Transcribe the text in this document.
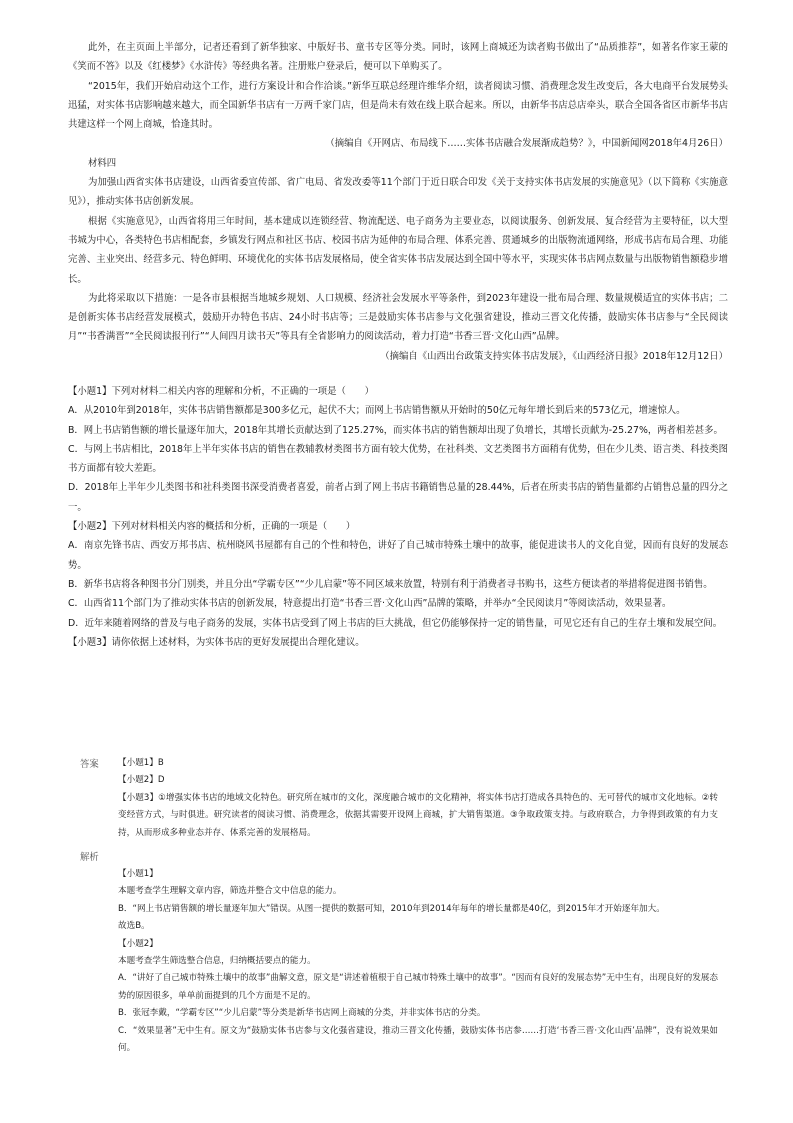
此外，在主页面上半部分，记者还看到了新华独家、中版好书、童书专区等分类。同时，该网上商城还为读者购书做出了“品质推荐”，如著名作家王蒙的《笑而不答》以及《红楼梦》《水浒传》等经典名著。注册账户登录后，便可以下单购买了。

“2015年，我们开始启动这个工作，进行方案设计和合作洽谈。”新华互联总经理许维华介绍，读者阅读习惯、消费理念发生改变后，各大电商平台发展势头迅猛，对实体书店影响越来越大，而全国新华书店有一万两千家门店，但是尚未有效在线上联合起来。所以，由新华书店总店牵头，联合全国各省区市新华书店共建这样一个网上商城，恰逢其时。

（摘编自《开网店、布局线下……实体书店融合发展渐成趋势？》，中国新闻网2018年4月26日）

材料四

为加强山西省实体书店建设，山西省委宣传部、省广电局、省发改委等11个部门于近日联合印发《关于支持实体书店发展的实施意见》（以下简称《实施意见》），推动实体书店创新发展。

根据《实施意见》，山西省将用三年时间，基本建成以连锁经营、物流配送、电子商务为主要业态，以阅读服务、创新发展、复合经营为主要特征，以大型书城为中心，各类特色书店相配套，乡镇发行网点和社区书店、校园书店为延伸的布局合理、体系完善、贯通城乡的出版物流通网络，形成书店布局合理、功能完善、主业突出、经营多元、特色鲜明、环境优化的实体书店发展格局，使全省实体书店发展达到全国中等水平，实现实体书店网点数量与出版物销售额稳步增长。

为此将采取以下措施：一是各市县根据当地城乡规划、人口规模、经济社会发展水平等条件，到2023年建设一批布局合理、数量规模适宜的实体书店；二是创新实体书店经营发展模式，鼓励开办特色书店、24小时书店等；三是鼓励实体书店参与文化强省建设，推动三晋文化传播，鼓励实体书店参与“全民阅读月”“书香满晋”“全民阅读报刊行”“人间四月读书天”等具有全省影响力的阅读活动，着力打造“书香三晋·文化山西”品牌。

（摘编自《山西出台政策支持实体书店发展》，《山西经济日报》2018年12月12日）

【小题1】下列对材料二相关内容的理解和分析，不正确的一项是（　　）

A．从2010年到2018年，实体书店销售额都是300多亿元，起伏不大；而网上书店销售额从开始时的50亿元每年增长到后来的573亿元，增速惊人。

B．网上书店销售额的增长量逐年加大，2018年其增长贡献达到了125.27%，而实体书店的销售额却出现了负增长，其增长贡献为-25.27%，两者相差甚多。

C．与网上书店相比，2018年上半年实体书店的销售在教辅教材类图书方面有较大优势，在社科类、文艺类图书方面稍有优势，但在少儿类、语言类、科技类图书方面都有较大差距。

D．2018年上半年少儿类图书和社科类图书深受消费者喜爱，前者占到了网上书店书籍销售总量的28.44%，后者在所卖书店的销售量都约占销售总量的四分之一。

【小题2】下列对材料相关内容的概括和分析，正确的一项是（　　）

A．南京先锋书店、西安万邦书店、杭州晓风书屋都有自己的个性和特色，讲好了自己城市特殊土壤中的故事，能促进读书人的文化自觉，因而有良好的发展态势。

B．新华书店将各种图书分门别类，并且分出“学霸专区”“少儿启蒙”等不同区域来放置，特别有利于消费者寻书购书，这些方便读者的举措将促进图书销售。

C．山西省11个部门为了推动实体书店的创新发展，特意提出打造“书香三晋·文化山西”品牌的策略，并举办“全民阅读月”等阅读活动，效果显著。

D．近年来随着网络的普及与电子商务的发展，实体书店受到了网上书店的巨大挑战，但它仍能够保持一定的销售量，可见它还有自己的生存土壤和发展空间。

【小题3】请你依据上述材料，为实体书店的更好发展提出合理化建议。

答案 【小题1】B

【小题2】D

【小题3】①增强实体书店的地域文化特色。研究所在城市的文化，深度融合城市的文化精神，将实体书店打造成各具特色的、无可替代的城市文化地标。②转变经营方式，与时俱进。研究读者的阅读习惯、消费理念，依据其需要开设网上商城，扩大销售渠道。③争取政策支持。与政府联合，力争得到政策的有力支持，从而形成多种业态并存、体系完善的发展格局。

解析

【小题1】

本题考查学生理解文章内容，筛选并整合文中信息的能力。

B．“网上书店销售额的增长量逐年加大”错误。从图一提供的数据可知，2010年到2014年每年的增长量都是40亿，到2015年才开始逐年加大。

故选B。

【小题2】

本题考查学生筛选整合信息，归纳概括要点的能力。

A．“讲好了自己城市特殊土壤中的故事”曲解文意，原文是“讲述着植根于自己城市特殊土壤中的故事”。“因而有良好的发展态势”无中生有，出现良好的发展态势的原因很多，单单前面提到的几个方面是不足的。

B．张冠李戴，“学霸专区”“少儿启蒙”等分类是新华书店网上商城的分类，并非实体书店的分类。

C．“效果显著”无中生有。原文为“鼓励实体书店参与文化强省建设，推动三晋文化传播，鼓励实体书店参……打造‘书香三晋·文化山西’品牌”，没有说效果如何。
